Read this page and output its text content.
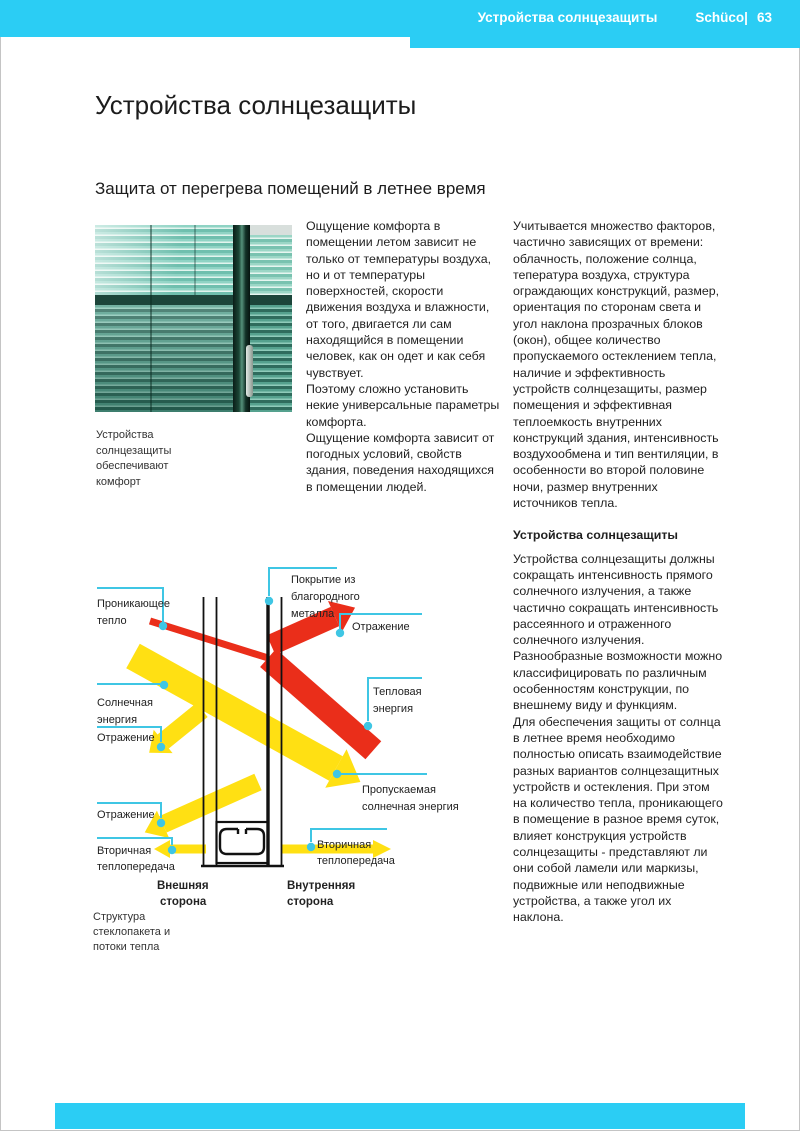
Устройства солнцезащиты	Schüco| 63
Устройства солнцезащиты
Защита от перегрева помещений в летнее время
Устройства
солнцезащиты
обеспечивают
комфорт

Ощущение комфорта в помещении летом зависит не только от температуры воздуха, но и от температуры поверхностей, скорости движения воздуха и влажности, от того, двигается ли сам находящийся в помещении человек, как он одет и как себя чувствует.

Поэтому сложно установить некие универсальные параметры комфорта.

Ощущение комфорта зависит от погодных условий, свойств здания, поведения находящихся в помещении людей.

Учитывается множество факторов, частично зависящих от времени: облачность, положение солнца, тепература воздуха, структура ограждающих конструкций, размер, ориентация по сторонам света и угол наклона прозрачных блоков (окон), общее количество пропускаемого остеклением тепла, наличие и эффективность устройств солнцезащиты, размер помещения и эффективная теплоемкость внутренних конструкций здания, интенсивность воздухообмена и тип вентиляции, в особенности во второй половине ночи, размер внутренних источников тепла.

Устройства солнцезащиты

Устройства солнцезащиты должны сокращать интенсивность прямого солнечного излучения, а также частично сокращать интенсивность рассеянного и отраженного солнечного излучения.

Разнообразные возможности можно классифицировать по различным особенностям конструкции, по внешнему виду и функциям.

Для обеспечения защиты от солнца в летнее время необходимо полностью описать взаимодействие разных вариантов солнцезащитных устройств и остекления. При этом на количество тепла, проникающего в помещение в разное время суток, влияет конструкция устройств солнцезащиты - представляют ли они собой ламели или маркизы, подвижные или неподвижные устройства, а также угол их наклона.

Проникающее
тепло
Покрытие из
благородного
металла
Отражение
Тепловая
энергия
Солнечная
энергия
Отражение
Пропускаемая
солнечная энергия
Отражение
Вторичная
теплопередача
Вторичная
теплопередача
Внешняя
сторона
Внутренняя
сторона
Структура
стеклопакета и
потоки тепла
